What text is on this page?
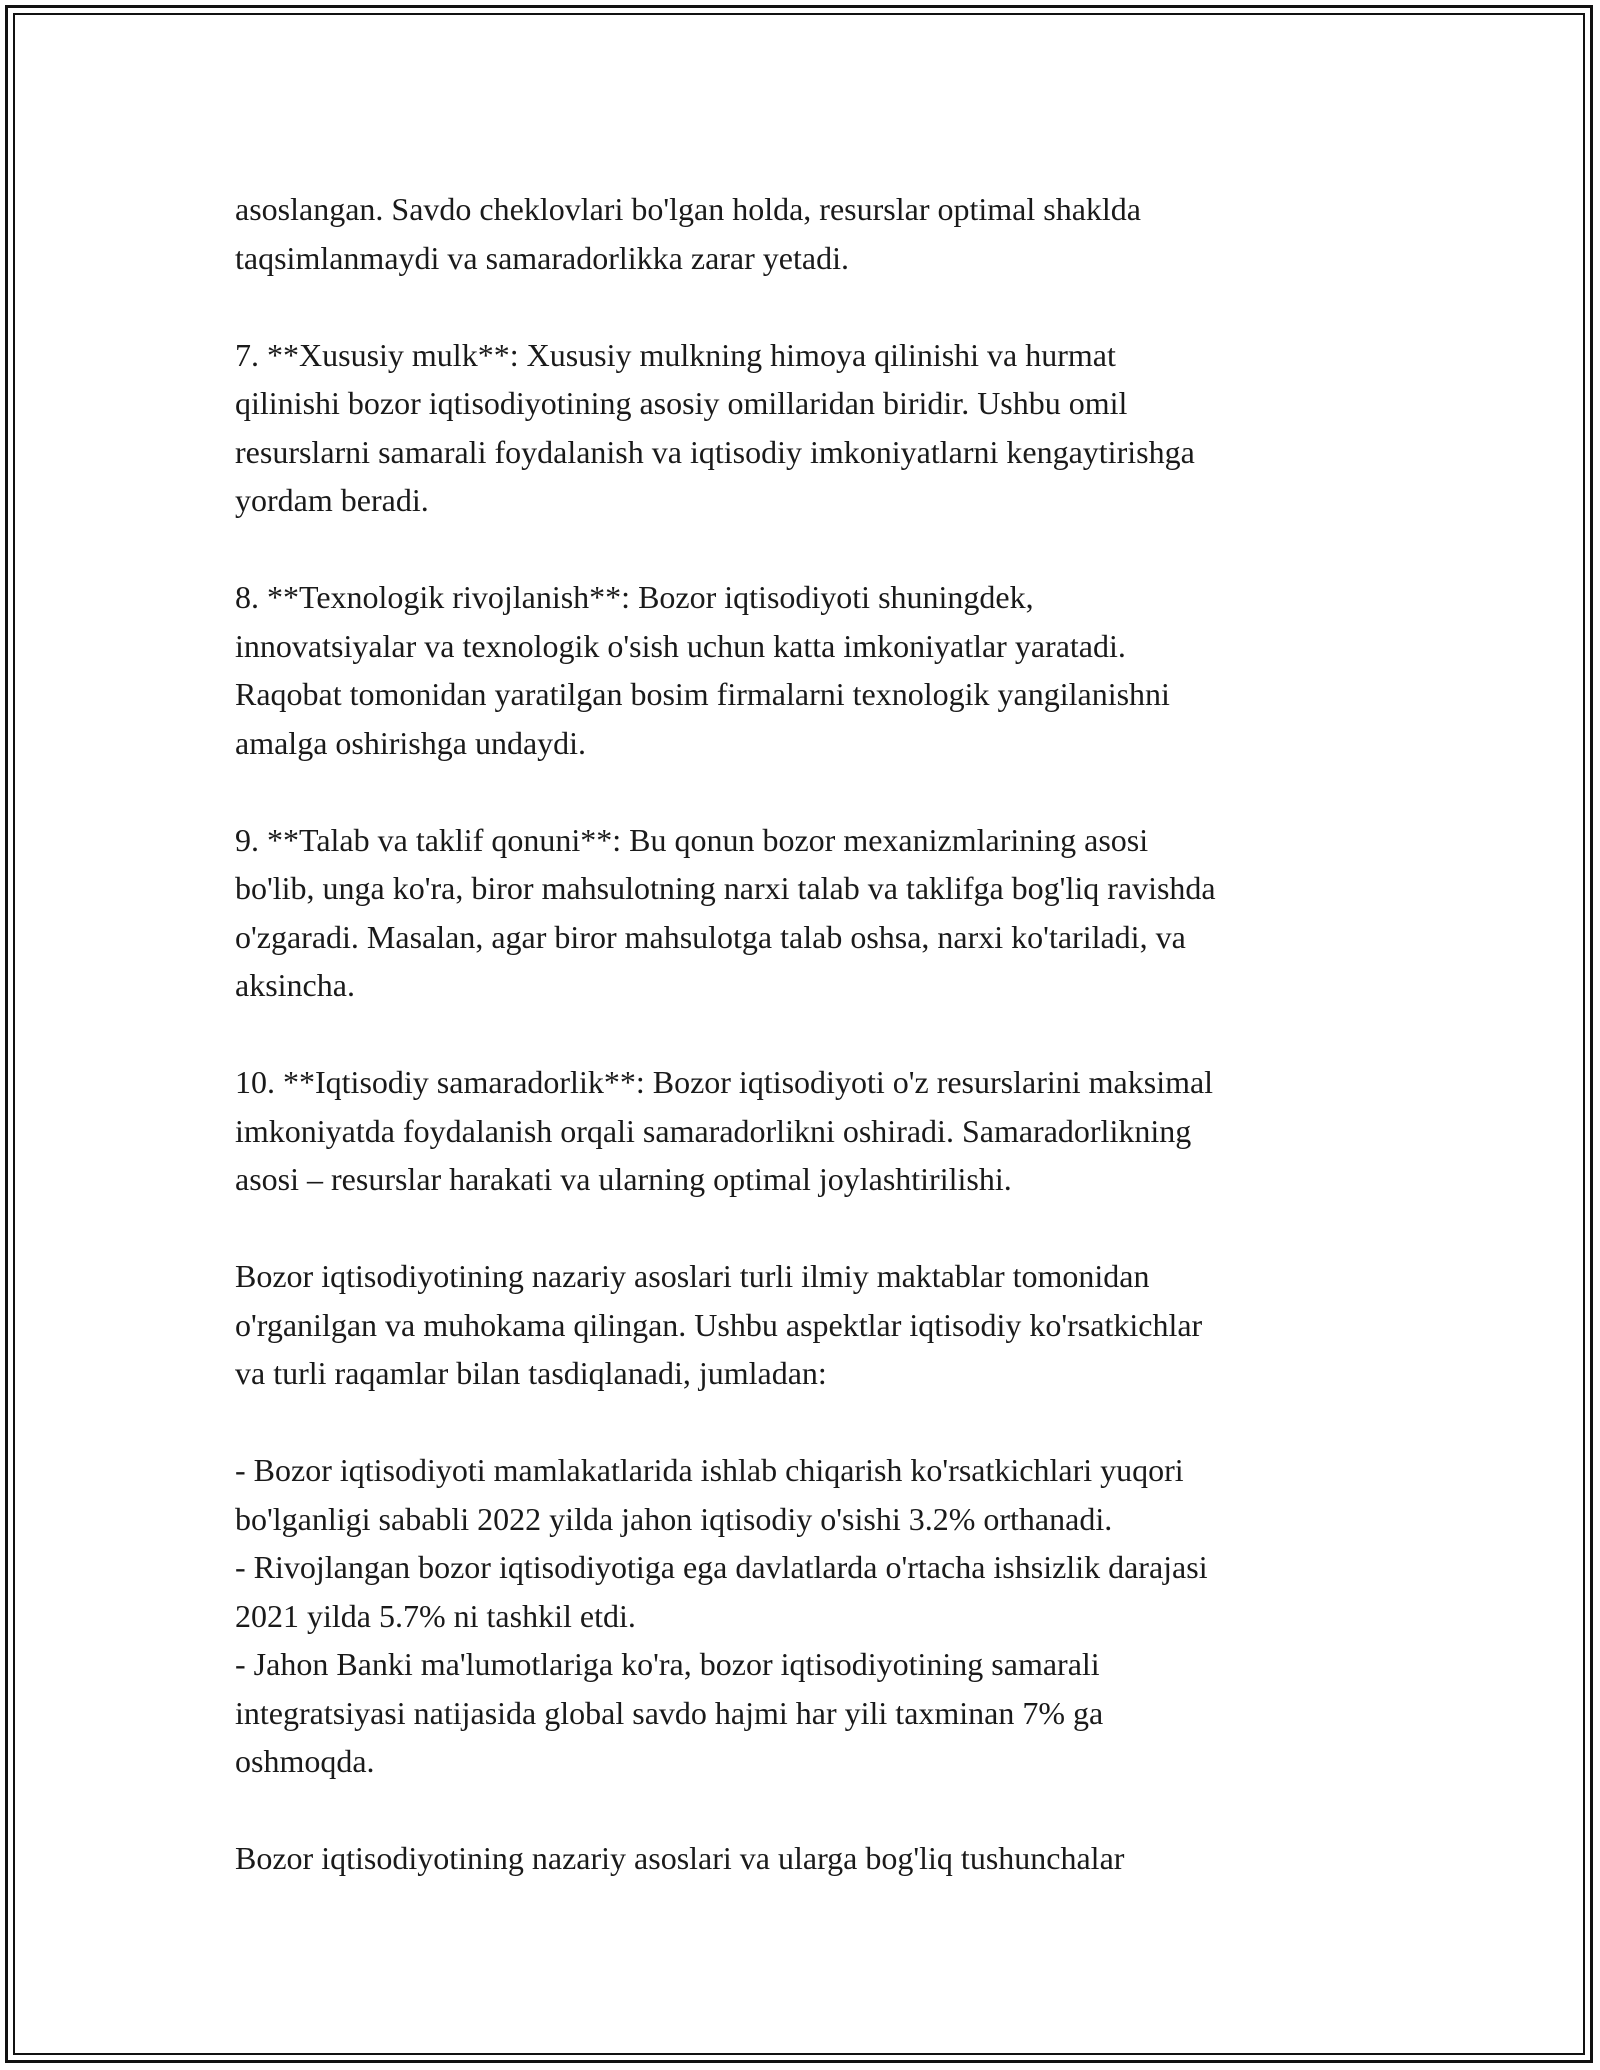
asoslangan. Savdo cheklovlari bo'lgan holda, resurslar optimal shaklda
taqsimlanmaydi va samaradorlikka zarar yetadi.
7. **Xususiy mulk**: Xususiy mulkning himoya qilinishi va hurmat
qilinishi bozor iqtisodiyotining asosiy omillaridan biridir. Ushbu omil
resurslarni samarali foydalanish va iqtisodiy imkoniyatlarni kengaytirishga
yordam beradi.
8. **Texnologik rivojlanish**: Bozor iqtisodiyoti shuningdek,
innovatsiyalar va texnologik o'sish uchun katta imkoniyatlar yaratadi.
Raqobat tomonidan yaratilgan bosim firmalarni texnologik yangilanishni
amalga oshirishga undaydi.
9. **Talab va taklif qonuni**: Bu qonun bozor mexanizmlarining asosi
bo'lib, unga ko'ra, biror mahsulotning narxi talab va taklifga bog'liq ravishda
o'zgaradi. Masalan, agar biror mahsulotga talab oshsa, narxi ko'tariladi, va
aksincha.
10. **Iqtisodiy samaradorlik**: Bozor iqtisodiyoti o'z resurslarini maksimal
imkoniyatda foydalanish orqali samaradorlikni oshiradi. Samaradorlikning
asosi – resurslar harakati va ularning optimal joylashtirilishi.
Bozor iqtisodiyotining nazariy asoslari turli ilmiy maktablar tomonidan
o'rganilgan va muhokama qilingan. Ushbu aspektlar iqtisodiy ko'rsatkichlar
va turli raqamlar bilan tasdiqlanadi, jumladan:
- Bozor iqtisodiyoti mamlakatlarida ishlab chiqarish ko'rsatkichlari yuqori
bo'lganligi sababli 2022 yilda jahon iqtisodiy o'sishi 3.2% orthanadi.
- Rivojlangan bozor iqtisodiyotiga ega davlatlarda o'rtacha ishsizlik darajasi
2021 yilda 5.7% ni tashkil etdi.
- Jahon Banki ma'lumotlariga ko'ra, bozor iqtisodiyotining samarali
integratsiyasi natijasida global savdo hajmi har yili taxminan 7% ga
oshmoqda.
Bozor iqtisodiyotining nazariy asoslari va ularga bog'liq tushunchalar
